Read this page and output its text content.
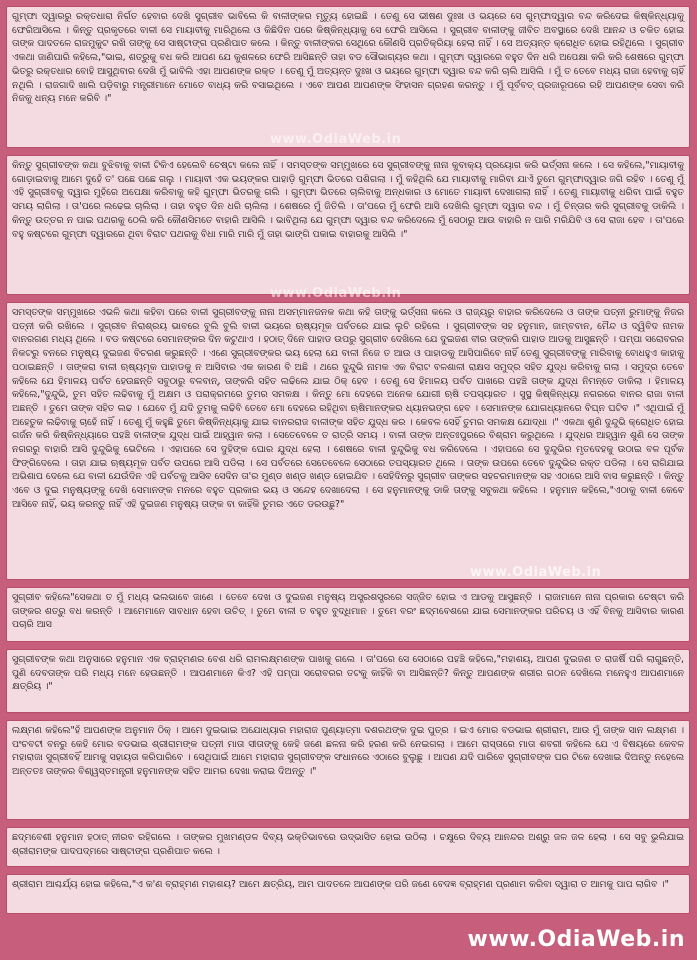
ଗୁମ୍ଫା ଦ୍ୱାରରୁ ରକ୍ତଧାରା ନିର୍ଗତ ହେବାର ଦେଖି ସୁଗ୍ରୀବ ଭାବିଲେ କି ବାଳୀଙ୍କର ମୃତ୍ୟୁ ହୋଇଛି । ତେଣୁ ସେ ଭୀଷଣ ଦୁଃଖ ଓ ଭୟରେ ସେ ଗୁମ୍ଫାଦ୍ୱାର ବନ୍ଦ କରିଦେଇ କିଷ୍କିନ୍ଧ୍ୟାକୁ ଫେରିଆସିଲେ । କିନ୍ତୁ ପ୍ରକୃତରେ ବାଳୀ ସେ ମାୟାବୀକୁ ମାରିଥିଲେ ଓ କିଛିଦିନ ପରେ କିଷ୍କିନ୍ଧ୍ୟାକୁ ସେ ଫେରି ଆସିଲେ । ସୁଗ୍ରୀବ ବାଳୀଙ୍କୁ ଜୀବିତ ଅବସ୍ଥାରେ ଦେଖି ଆନନ୍ଦ ଓ ଚକିତ ହୋଇ ତାଙ୍କ ପାଦତଳେ ରାଜମୁକୁଟ ରଖି ତାଙ୍କୁ ସେ ସାଷ୍ଟାଙ୍ଗ ପ୍ରଣିପାତ କଲେ । କିନ୍ତୁ ବାଳୀଙ୍କର ସେଥିରେ କୌଣସି ପ୍ରତିକ୍ରିୟା ହେଲା ନାହିଁ । ସେ ଅତ୍ୟନ୍ତ କ୍ରୋଧିତ ହୋଇ ରହିଥିଲେ । ସୁଗ୍ରୀବ ଏକଥା ଜାଣିପାରି କହିଲେ,"ଭାଇ, ଶତ୍ରୁକୁ ବଧ କରି ଆପଣ ଯେ କୁଶଳରେ ଫେରି ଆସିଛନ୍ତି ତାହା ବଡ ସୌଭାଗ୍ୟର କଥା । ଗୁମ୍ଫା ଦ୍ୱାରରେ ବହୁତ ଦିନ ଧରି ଅପେକ୍ଷା କରି କରି ଶେଷରେ ଗୁମ୍ଫା ଭିତରୁ ରକ୍ତଧାର ବୋହି ଆସୁଥିବାର ଦେଖି ମୁଁ ଭାବିଲି ଏହା ଆପଣଙ୍କ ରକ୍ତ । ତେଣୁ ମୁଁ ଅତ୍ୟନ୍ତ ଦୁଃଖ ଓ ଭୟରେ ଗୁମ୍ଫା ଦ୍ୱାର ବନ୍ଦ କରି ଚାଲି ଆସିଲି । ମୁଁ ତ ତେବେ ମଧ୍ୟ ରାଜା ହେବାକୁ ଚାହିଁ ନଥିଲି । ରାଜଗାଦି ଖାଲି ପଡ଼ିବାରୁ ମନ୍ତ୍ରୀମାନେ ମୋତେ ବାଧ୍ୟ କରି ବସାଇଥିଲେ । ଏବେ ଆପଣ ଆପଣଙ୍କ ସିଂହାସନ ଗ୍ରହଣ କରନ୍ତୁ । ମୁଁ ପୂର୍ବବତ୍ ପ୍ରଜାରୂପରେ ରହି ଆପଣଙ୍କ ସେବା କରି ନିଜକୁ ଧନ୍ୟ ମନେ କରିବି ।"
www.OdiaWeb.in
କିନ୍ତୁ ସୁଗ୍ରୀବଙ୍କ କଥା ବୁଝିବାକୁ ବାଳୀ ଟିକିଏ ହେଲେବି ଚେଷ୍ଟା କଲେ ନାହିଁ । ସମସ୍ତଙ୍କ ସମ୍ମୁଖରେ ସେ ସୁଗ୍ରୀବଙ୍କୁ ନାନା କୁବାକ୍ୟ ପ୍ରୟୋଗ କରି ଭର୍ତ୍ସନା କଲେ । ସେ କହିଲେ,"ମାୟାବୀକୁ ଗୋଡ଼ାଇବାକୁ ଆମେ ଦୁହେଁ ତ' ପଛେ ପଛେ ଗଲୁ । ମାୟାବୀ ଏକ ଭୟଙ୍କର ପାହାଡ଼ି ଗୁମ୍ଫା ଭିତରେ ପଶିଗଲା । ମୁଁ କହିଥିଲି ଯେ ମାୟାବୀକୁ ମାରିବା ଯାଏଁ ତୁମେ ଗୁମ୍ଫାଦ୍ୱାର ଜଗି ରହିବ । ତେଣୁ ମୁଁ ଏହି ସୁଗ୍ରୀବକୁ ଦ୍ୱାର ମୁହଁରେ ଅପେକ୍ଷା କରିବାକୁ କହି ଗୁମ୍ଫା ଭିତରକୁ ଗଲି । ଗୁମ୍ଫା ଭିତରେ ଚାଲିବାକୁ ଅନ୍ଧକାର ଓ ମୋତେ ମାୟାବୀ ଦେଖାଗଲା ନାହିଁ । ତେଣୁ ମାୟାବୀକୁ ଧରିବା ପାଇଁ ବହୁତ ସମୟ ଲାଗିଲା । ତା'ପରେ ଲଢେଇ ଚାଲିଲା । ତାହା ବହୁତ ଦିନ ଧରି ଚାଲିଲା । ଶେଷରେ ମୁଁ ଜିତିଲି । ତା'ପରେ ମୁଁ ଫେରି ଆସି ଦେଖିଲି ଗୁମ୍ଫା ଦ୍ୱାର ବନ୍ଦ । ମୁଁ ଚିନ୍ତାର କରି ସୁଗ୍ରୀବକୁ ଡାକିଲି । କିନ୍ତୁ ଉତ୍ତର ନ ପାଇ ପଥରକୁ ଠେଲି କରି କୌଣସିମତେ ବାହାରି ଆସିଲି । ଭାବିଥିଲା ଯେ ଗୁମ୍ଫା ଦ୍ୱାର ବନ୍ଦ କରିଦେଲେ ମୁଁ ସେଠାରୁ ଆଉ ବାହାରି ନ ପାରି ମରିଯିବି ଓ ସେ ରାଜା ହେବ । ତା'ପରେ ବହୁ କଷ୍ଟରେ ଗୁମ୍ଫା ଦ୍ୱାରରେ ଥିବା ବିରାଟ ପଥରକୁ ବିଧା ମାରି ମାରି ମୁଁ ତାହା ଭାଙ୍ଗି ପକାଇ ବାହାରକୁ ଆସିଲି ।"
www.OdiaWeb.in
ସମସ୍ତଙ୍କ ସମ୍ମୁଖରେ ଏଭଳି କଥା କହିବା ପରେ ବାଳୀ ସୁଗ୍ରୀବଙ୍କୁ ନାନା ଅସମ୍ମାନଜନକ କଥା କହି ତାଙ୍କୁ ଭର୍ତ୍ସନା କଲେ ଓ ରାଜ୍ୟରୁ ବାହାର କରିଦେଲେ ଓ ତାଙ୍କ ପତ୍ନୀ ରୁମାଙ୍କୁ ନିଜର ପତ୍ନୀ କରି ରଖିଲେ । ସୁଗ୍ରୀବ ନିରାଶ୍ରୟ ଭାବରେ ବୁଲି ବୁଲି ବାଳୀ ଭୟରେ ଋଷ୍ୟମୂକ ପର୍ବତରେ ଯାଇ ଲୁଚି ରହିଲେ । ସୁଗ୍ରୀବଙ୍କ ସହ ହନୁମାନ, ଜାମ୍ବବାନ, ମୈନ୍ଦ ଓ ଦ୍ୱିବିଦ ନାମକ ବାନରଗଣ ମଧ୍ୟ ଥିଲେ । ବଡ କଷ୍ଟରେ ସେମାନଙ୍କର ଦିନ କଟୁଥାଏ । ହଠାତ୍ ଦିନେ ପାହାଡ ଉପରୁ ସୁଗ୍ରୀବ ଦେଖିଲେ ଯେ ଦୁଇଜଣ ବୀର ତାଙ୍କରି ପାହାଡ ଆଡକୁ ଆସୁଛନ୍ତି । ପମ୍ପା ସରୋବରର ନିକଟରୁ ବନରେ ମନୁଷ୍ୟ ଦୁଇଜଣ ବିଚରଣ କରୁଛନ୍ତି । ଏଣେ ସୁଗ୍ରୀବଙ୍କର ଭୟ ହେଲା ଯେ ବାଳୀ ନିଜେ ତ ଆଉ ଓ ପାହାଡକୁ ଆସିପାରିବେ ନାହିଁ ତେଣୁ ସୁଗ୍ରୀବଙ୍କୁ ମାରିବାକୁ ବୋଧହୁଏ କାହାକୁ ପଠାଇଛନ୍ତି । ତାଙ୍କରା ବାଳୀ ଋଷ୍ୟମୂକ ପାହାଡକୁ ନ ଆସିବାର ଏକ କାରଣ ବି ଅଛି । ଥରେ ଦୁନ୍ଦୁଭି ନାମକ ଏକ ବିରାଟ ବଳଶାଳୀ ରାକ୍ଷସ ସମୁଦ୍ର ସହିତ ଯୁଦ୍ଧ କରିବାକୁ ଗଲା । ସମୁଦ୍ର ତେବେ କହିଲେ ଯେ ହିମାଳୟ ପର୍ବତ ହେଉଛନ୍ତି ସବୁଠାରୁ ବଳବାନ୍, ତାଙ୍କରି ସହିତ ଲଢିଲେ ଯାଇ ଠିକ୍ ହେବ । ତେଣୁ ସେ ହିମାଳୟ ପର୍ବତ ପାଖରେ ପହଞ୍ଚି ତାଙ୍କ ଯୁଦ୍ଧ ନିମନ୍ତେ ଡାକିଲା । ହିମାଳୟ କହିଲେ,"ଦୁନ୍ଦୁଭି, ତୁମ ସହିତ ଲଢିବାକୁ ମୁଁ ଅକ୍ଷମ ଓ ପରାକ୍ରମରେ ତୁମର ସମକକ୍ଷ । କିନ୍ତୁ ମୋ ଦେହରେ ଅନେକ ଯୋଗୀ ଋଷି ତପସ୍ୟାରତ । ସୁସ୍ଥ କିଷ୍କିନ୍ଧ୍ୟା ନଗରରେ ବାନର ରାଜା ବାଳୀ ଅଛନ୍ତି । ତୁମେ ତାଙ୍କ ସହିତ ଲଢ । ଯେବେ ମୁଁ ଯଦି ତୁମକୁ ଲଢିବି ତେବେ ମୋ ଦେହରେ ରହିଥିବା ଋଷିମାନଙ୍କର ଧ୍ୟାନଭଙ୍ଗ ହେବ । ସେମାନଙ୍କ ଯୋଗଧ୍ୟାନରେ ବିଘ୍ନ ଘଟିବ ।" ଏଥିପାଇଁ ମୁଁ ଅହେତୁକ ଲଢିବାକୁ ଚାହେଁ ନାହିଁ । ତେଣୁ ମୁଁ କହୁଛି ତୁମେ କିଷ୍କିନ୍ଧ୍ୟାକୁ ଯାଇ ବାନରରାଜ ବାଳୀଙ୍କ ସହିତ ଯୁଦ୍ଧ କର । କେବଳ ସେହିଁ ତୁମର ସମକକ୍ଷ ଯୋଦ୍ଧା ।" ଏକଥା ଶୁଣି ଦୁନ୍ଦୁଭି କ୍ରୋଧିତ ହୋଇ ଗର୍ଜନ କରି କିଷ୍କିନ୍ଧ୍ୟାରେ ପହଞ୍ଚି ବାଳୀଙ୍କ ଯୁଦ୍ଧ ପାଇଁ ଆହ୍ୱାନ କଲା । ସେତେବେଳେ ତ ରାତ୍ରି ସମୟ । ବାଳୀ ତାଙ୍କ ଅନ୍ତଃପୁରରେ ବିଶ୍ରାମ କରୁଥିଲେ । ଯୁଦ୍ଧର ଆହ୍ୱାନ ଶୁଣି ସେ ତାଙ୍କ ନଗରରୁ ବାହାରି ଆସି ଦୁନ୍ଦୁଭିକୁ ଭେଟିଲେ । ଏହାପରେ ସେ ଦୁହିଙ୍କ ଘୋର ଯୁଦ୍ଧ ହେଲା । ଶେଷରେ ବାଳୀ ଦୁନ୍ଦୁଭିକୁ ବଧ କରିଦେଲେ । ଏହାପରେ ସେ ଦୁନ୍ଦୁଭିର ମୃତଦେହକୁ ଉଠାଇ ବଳ ପୂର୍ବକ ଫିଙ୍ଗିଦେଲେ । ତାହା ଯାଇ ଋଷ୍ୟମୂକ ପର୍ବତ ଉପରେ ଆସି ପଡିଲା । ସେ ପର୍ବତରେ ସେତେବେଳେ ସେଠାରେ ତପସ୍ୟାରତ ଥିଲେ । ତାଙ୍କ ଉପରେ ତେବେ ଦୁନ୍ଦୁଭିର ରକ୍ତ ପଡିଲା । ସେ ରାଗିଯାଇ ଅଭିଶାପ ଦେଲେ ଯେ ବାଳୀ ଯେଉଁଦିନ ଏହି ପର୍ବତକୁ ଆସିବ ସେଦିନ ତା'ର ମୁଣ୍ଡ ଖଣ୍ଡ ଖଣ୍ଡ ହୋଇଯିବ । ସେହିଦିନରୁ ସୁଗ୍ରୀବ ତାଙ୍କର ସହଚରମାନଙ୍କ ସହ ଏଠାରେ ଆସି ବାସ କରୁଛନ୍ତି । କିନ୍ତୁ ଏବେ ଓ ଦୁଇ ମନୁଷ୍ୟଙ୍କୁ ଦେଖି ସେମାନଙ୍କ ମନରେ ବହୁତ ପ୍ରକାର ଭୟ ଓ ସନ୍ଦେହ ଦେଖାଦେଲା । ସେ ହନୁମାନଙ୍କୁ ଡାକି ତାଙ୍କୁ ସବୁକଥା କହିଲେ । ହନୁମାନ କହିଲେ,"ଏଠାକୁ ବାଳୀ କେବେ ଆସିବେ ନାହିଁ, ଭୟ କରନ୍ତୁ ନାହିଁ ଏହି ଦୁଇଜଣ ମନୁଷ୍ୟ ତାଙ୍କ ବା କାହିଁକି ତୁମର ଏତେ ଡରଉଛୁ?"
www.OdiaWeb.in
ସୁଗ୍ରୀବ କହିଲେ"ସେକଥା ତ ମୁଁ ମଧ୍ୟ ଭଲଭାବେ ଜାଣେ । ତେବେ ଦେଖ ଓ ଦୁଇଜଣ ମନୁଷ୍ୟ ଅସ୍ତ୍ରଶସ୍ତ୍ରରେ ସଜ୍ଜିତ ହୋଇ ଏ ଆଡକୁ ଆସୁଛନ୍ତି । ରାଜାମାନେ ନାନା ପ୍ରକାର ଚେଷ୍ଟା କରି ତାଙ୍କର ଶତ୍ରୁ ବଧ କରନ୍ତି । ଆମେମାନେ ସାବଧାନ ହେବା ଉଚିତ୍ । ତୁମେ ବାଳୀ ତ ବହୁତ ବୁଦ୍ଧିମାନ । ତୁମେ ବରଂ ଛଦ୍ମବେଶରେ ଯାଇ ସେମାନଙ୍କର ପରିଚୟ ଓ ଏହିଁ ବିନକୁ ଆସିବାର କାରଣ ପଚାରି ଆସ
ସୁଗ୍ରୀବଙ୍କ କଥା ଅନୁସାରେ ହନୁମାନ ଏକ ବ୍ରାହ୍ମଣର ବେଶ ଧରି ରାମଲକ୍ଷ୍ମଣଙ୍କ ପାଖକୁ ଗଲେ । ତା'ପରେ ସେ ସେଠାରେ ପହଞ୍ଚି କହିଲେ,"ମହାଶୟ, ଆପଣ ଦୁଇଜଣ ତ ରାଜର୍ଷି ପରି ଲାଗୁଛନ୍ତି, ପୁଣି ଦେବତାଙ୍କ ପରି ମଧ୍ୟ ମନେ ହେଉଛନ୍ତି । ଆପଣମାନେ କିଏ? ଏହି ପମ୍ପା ସରୋବରର ତଟକୁ କାହିଁକି ବା ଆସିଛନ୍ତି? କିନ୍ତୁ ଆପଣଙ୍କ ଶରୀର ଗଠନ ଦେଖିଲେ ମନେହୁଏ ଆପଣମାନେ କ୍ଷତ୍ରିୟ ।"
ଲକ୍ଷ୍ମଣ କହିଲେ"ହଁ ଆପଣଙ୍କ ଅନୁମାନ ଠିକ୍ । ଆମେ ଦୁଇଭାଇ ଅଯୋଧ୍ୟାର ମହାରାଜ ପୁଣ୍ୟାତ୍ମା ଦଶରଥଙ୍କ ଦୁଇ ପୁତ୍ର । ଇଏ ମୋର ବଡଭାଇ ଶ୍ରୀରାମ, ଆଉ ମୁଁ ତାଙ୍କ ସାନ ଲକ୍ଷ୍ମଣ । ପଂଚବଟୀ ବନରୁ କେହି ମୋର ବଡଭାଇ ଶ୍ରୀରାମଙ୍କ ପତ୍ନୀ ମାତା ସୀତାଙ୍କୁ କେହି ଜଣେ ଛଳନା କରି ହରଣ କରି ନେଇଗଲା । ଆମେ ରାସ୍ତାରେ ମାତା ଶବରୀ କହିଲେ ଯେ ଏ ବିଷୟରେ କେବଳ ମହାରାଜା ସୁଗ୍ରୀବହିଁ ଆମକୁ ସହାୟତା କରିପାରିବେ । ସେଥିପାଇଁ ଆମେ ମହାରାଜ ସୁଗ୍ରୀବଙ୍କ ସଂଧାନରେ ଏଠାରେ ବୁଲୁଛୁ । ଆପଣ ଯଦି ପାରିବେ ସୁଗ୍ରୀବଙ୍କ ଘର ଟିକେ ଦେଖାଇ ଦିଅନ୍ତୁ ନହେଲେ ଅନ୍ତତଃ ତାଙ୍କର ବିଶ୍ୱସ୍ତମନ୍ତ୍ରୀ ହନୁମାନଙ୍କ ସହିତ ଆମର ଦେଖା କରାଇ ଦିଅନ୍ତୁ ।"
ଛଦ୍ମବେଶୀ ହନୁମାନ ହଠାତ୍ ନୀରବ ରହିଗଲେ । ତାଙ୍କର ମୁଖମଣ୍ଡଳ ଦିବ୍ୟ ଭକ୍ତିଭାବରେ ଉଦ୍ଭାସିତ ହୋଇ ଉଠିଲା । ଚକ୍ଷୁରେ ଦିବ୍ୟ ଆନନ୍ଦର ଅଶ୍ରୁ ଜଳ ଜଳ ହେଲା । ସେ ସବୁ ଭୁଲିଯାଇ ଶ୍ରୀରାମଙ୍କ ପାଦପଦ୍ମରେ ସାଷ୍ଟାଙ୍ଗ ପ୍ରଣିପାତ କଲେ ।
ଶ୍ରୀରାମ ଆଶ୍ଚର୍ଯ୍ୟ ହୋଇ କହିଲେ,"ଏ କ'ଣ ବ୍ରାହ୍ମଣ ମହାଶୟ? ଆମେ କ୍ଷତ୍ରିୟ, ଆମ ପାଦତଳେ ଆପଣଙ୍କ ପରି ଜଣେ ବେଦଜ୍ଞ ବ୍ରାହ୍ମଣ ପ୍ରଣାମ କରିବା ଦ୍ୱାରା ତ ଆମକୁ ପାପ ଲାଗିବ ।"
www.OdiaWeb.in
